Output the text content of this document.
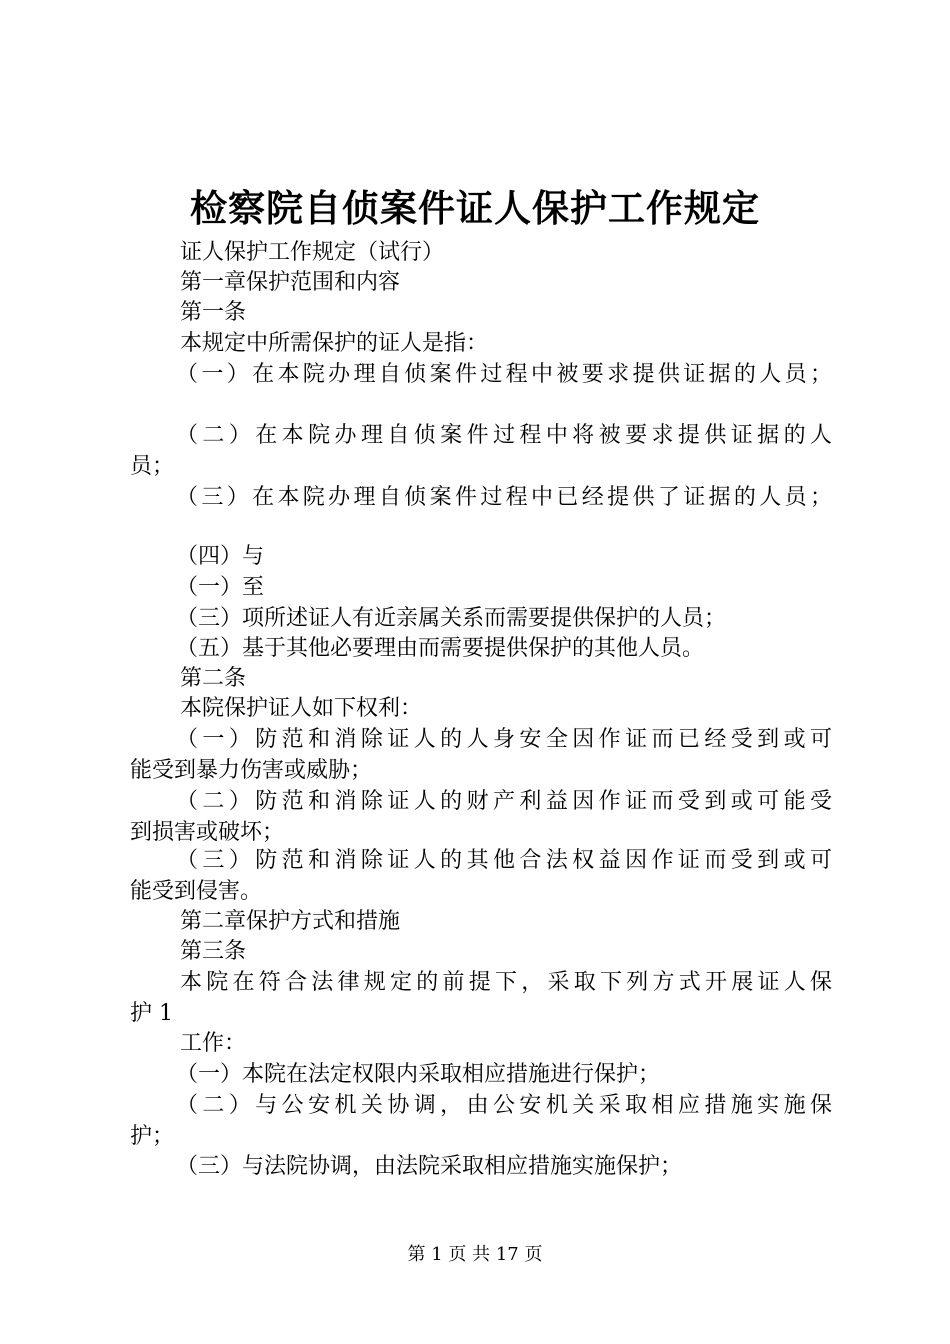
检察院自侦案件证人保护工作规定
证人保护工作规定（试行）
第一章保护范围和内容
第一条
本规定中所需保护的证人是指：
（一）在本院办理自侦案件过程中被要求提供证据的人员；
（二）在本院办理自侦案件过程中将被要求提供证据的人
员；
（三）在本院办理自侦案件过程中已经提供了证据的人员；
（四）与
（一）至
（三）项所述证人有近亲属关系而需要提供保护的人员；
（五）基于其他必要理由而需要提供保护的其他人员。
第二条
本院保护证人如下权利：
（一）防范和消除证人的人身安全因作证而已经受到或可
能受到暴力伤害或威胁；
（二）防范和消除证人的财产利益因作证而受到或可能受
到损害或破坏；
（三）防范和消除证人的其他合法权益因作证而受到或可
能受到侵害。
第二章保护方式和措施
第三条
本院在符合法律规定的前提下，采取下列方式开展证人保
护 1
工作：
（一）本院在法定权限内采取相应措施进行保护；
（二）与公安机关协调，由公安机关采取相应措施实施保
护；
（三）与法院协调，由法院采取相应措施实施保护；
第 1 页 共 17 页
